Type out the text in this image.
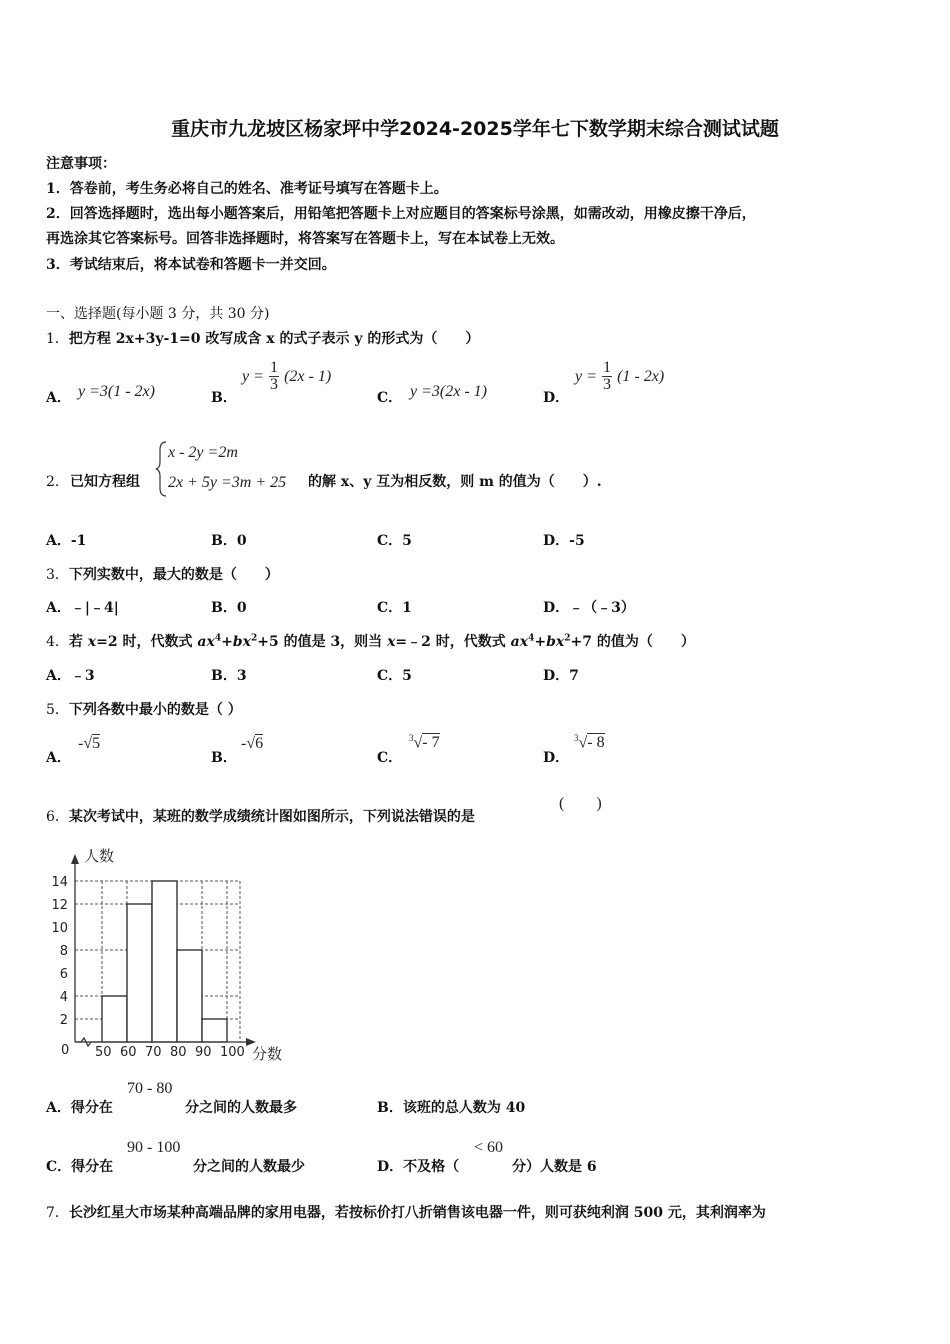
重庆市九龙坡区杨家坪中学2024-2025学年七下数学期末综合测试试题
注意事项：
1．答卷前，考生务必将自己的姓名、准考证号填写在答题卡上。
2．回答选择题时，选出每小题答案后，用铅笔把答题卡上对应题目的答案标号涂黑，如需改动，用橡皮擦干净后，
再选涂其它答案标号。回答非选择题时，将答案写在答题卡上，写在本试卷上无效。
3．考试结束后，将本试卷和答题卡一并交回。
一、选择题(每小题 3 分，共 30 分)
1．把方程 2x+3y-1=0 改写成含 x 的式子表示 y 的形式为（　　）
A． y =3(1 - 2x)	B．
$y = \frac{1}{3} (2x - 1)$
C． y =3(2x - 1)	D．
$y = \frac{1}{3} (1 - 2x)$
2． 已知方程组
x - 2y =2m
2x + 5y =3m + 25 的解 x、y 互为相反数，则 m 的值为（　　）.
A．-1	B．0	C．5	D．-5
3．下列实数中，最大的数是（　　）
A．﹣|﹣4|	B．0	C．1	D．﹣（﹣3）
4．若 x=2 时，代数式 $ax^4+bx^2+5$ 的值是 3，则当 x=﹣2 时，代数式 $ax^4+bx^2+7$ 的值为（　　）
A．﹣3	B．3	C．5	D．7
5．下列各数中最小的数是（ ）
A．
-√5
B．
-√6
C．
$^3$√- 7
D．
$^3$√- 8
6．某次考试中，某班的数学成绩统计图如图所示，下列说法错误的是
(　　)
人数
分数
0
2
4
6
8
10
12
14
50 60 70 80 90 100
A．得分在
70 - 80
分之间的人数最多	B．该班的总人数为 40
C．得分在
90 - 100
分之间的人数最少	D．不及格（
< 60
分）人数是 6
7．长沙红星大市场某种高端品牌的家用电器，若按标价打八折销售该电器一件，则可获纯利润 500 元，其利润率为
